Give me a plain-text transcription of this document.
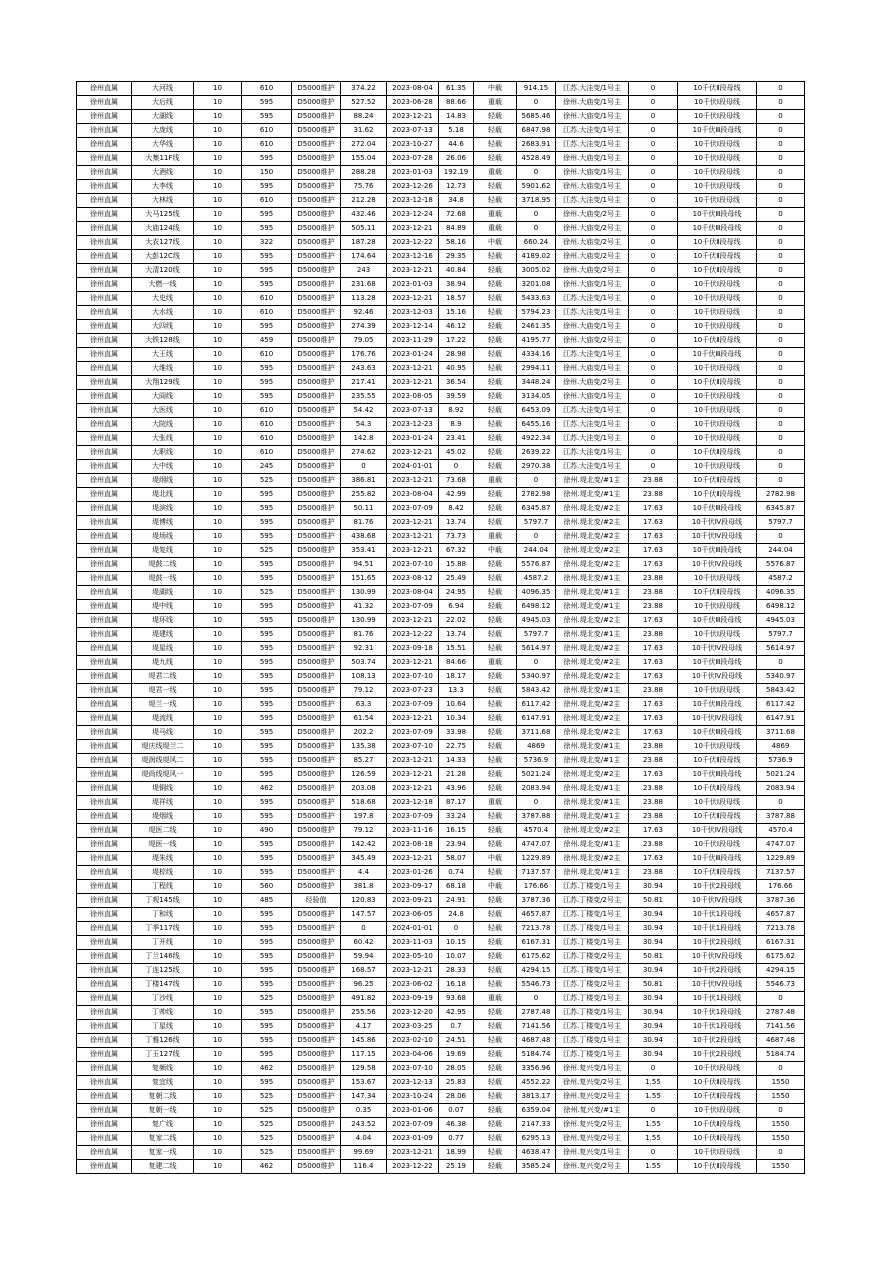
徐州直属	大河线	10	610	D5000维护	374.22	2023-08-04	61.35	中载	914.15	江苏.大洼变/1号主	0	10千伏Ⅱ段母线	0
徐州直属	大后线	10	595	D5000维护	527.52	2023-06-28	88.66	重载	0	徐州.大庙变/1号主	0	10千伏Ⅰ段母线	0
徐州直属	大湖线	10	595	D5000维护	88.24	2023-12-21	14.83	轻载	5685.46	徐州.大庙变/1号主	0	10千伏Ⅰ段母线	0
徐州直属	大庞线	10	610	D5000维护	31.62	2023-07-13	5.18	轻载	6847.98	江苏.大洼变/1号主	0	10千伏Ⅲ段母线	0
徐州直属	大华线	10	610	D5000维护	272.04	2023-10-27	44.6	轻载	2683.91	江苏.大洼变/1号主	0	10千伏Ⅰ段母线	0
徐州直属	大集11F线	10	595	D5000维护	155.04	2023-07-28	26.06	轻载	4528.49	徐州.大庙变/1号主	0	10千伏Ⅰ段母线	0
徐州直属	大酒线	10	150	D5000维护	288.28	2023-01-03	192.19	重载	0	徐州.大庙变/1号主	0	10千伏Ⅰ段母线	0
徐州直属	大李线	10	595	D5000维护	75.76	2023-12-26	12.73	轻载	5901.62	徐州.大庙变/1号主	0	10千伏Ⅰ段母线	0
徐州直属	大林线	10	610	D5000维护	212.28	2023-12-18	34.8	轻载	3718.95	江苏.大洼变/1号主	0	10千伏Ⅰ段母线	0
徐州直属	大马125线	10	595	D5000维护	432.46	2023-12-24	72.68	重载	0	徐州.大庙变/2号主	0	10千伏Ⅲ段母线	0
徐州直属	大庙124线	10	595	D5000维护	505.11	2023-12-21	84.89	重载	0	徐州.大庙变/2号主	0	10千伏Ⅲ段母线	0
徐州直属	大农127线	10	322	D5000维护	187.28	2023-12-22	58.16	中载	660.24	徐州.大庙变/2号主	0	10千伏Ⅱ段母线	0
徐州直属	大彭12C线	10	595	D5000维护	174.64	2023-12-16	29.35	轻载	4189.02	徐州.大庙变/2号主	0	10千伏Ⅱ段母线	0
徐州直属	大清120线	10	595	D5000维护	243	2023-12-21	40.84	轻载	3005.02	徐州.大庙变/2号主	0	10千伏Ⅱ段母线	0
徐州直属	大燃一线	10	595	D5000维护	231.68	2023-01-03	38.94	轻载	3201.08	徐州.大庙变/1号主	0	10千伏Ⅰ段母线	0
徐州直属	大史线	10	610	D5000维护	113.28	2023-12-21	18.57	轻载	5433.63	江苏.大洼变/1号主	0	10千伏Ⅰ段母线	0
徐州直属	大水线	10	610	D5000维护	92.46	2023-12-03	15.16	轻载	5794.23	江苏.大洼变/1号主	0	10千伏Ⅰ段母线	0
徐州直属	大四线	10	595	D5000维护	274.39	2023-12-14	46.12	轻载	2461.35	徐州.大庙变/1号主	0	10千伏Ⅰ段母线	0
徐州直属	大铁128线	10	459	D5000维护	79.05	2023-11-29	17.22	轻载	4195.77	徐州.大庙变/2号主	0	10千伏Ⅱ段母线	0
徐州直属	大王线	10	610	D5000维护	176.76	2023-01-24	28.98	轻载	4334.16	江苏.大洼变/1号主	0	10千伏Ⅲ段母线	0
徐州直属	大维线	10	595	D5000维护	243.63	2023-12-21	40.95	轻载	2994.11	徐州.大庙变/1号主	0	10千伏Ⅰ段母线	0
徐州直属	大翔129线	10	595	D5000维护	217.41	2023-12-21	36.54	轻载	3448.24	徐州.大庙变/2号主	0	10千伏Ⅱ段母线	0
徐州直属	大阎线	10	595	D5000维护	235.55	2023-08-05	39.59	轻载	3134.05	徐州.大庙变/1号主	0	10千伏Ⅰ段母线	0
徐州直属	大医线	10	610	D5000维护	54.42	2023-07-13	8.92	轻载	6453.09	江苏.大洼变/1号主	0	10千伏Ⅰ段母线	0
徐州直属	大院线	10	610	D5000维护	54.3	2023-12-23	8.9	轻载	6455.16	江苏.大洼变/1号主	0	10千伏Ⅰ段母线	0
徐州直属	大张线	10	610	D5000维护	142.8	2023-01-24	23.41	轻载	4922.34	江苏.大洼变/1号主	0	10千伏Ⅰ段母线	0
徐州直属	大职线	10	610	D5000维护	274.62	2023-12-21	45.02	轻载	2639.22	江苏.大洼变/1号主	0	10千伏Ⅱ段母线	0
徐州直属	大中线	10	245	D5000维护	0	2024-01-01	0	轻载	2970.38	江苏.大洼变/1号主	0	10千伏Ⅰ段母线	0
徐州直属	堤纲线	10	525	D5000维护	386.81	2023-12-21	73.68	重载	0	徐州.堤北变/#1主	23.88	10千伏Ⅱ段母线	0
徐州直属	堤北线	10	595	D5000维护	255.82	2023-08-04	42.99	轻载	2782.98	徐州.堤北变/#1主	23.88	10千伏Ⅱ段母线	2782.98
徐州直属	堤滨线	10	595	D5000维护	50.11	2023-07-09	8.42	轻载	6345.87	徐州.堤北变/#2主	17.63	10千伏Ⅲ段母线	6345.87
徐州直属	堤博线	10	595	D5000维护	81.76	2023-12-21	13.74	轻载	5797.7	徐州.堤北变/#2主	17.63	10千伏Ⅳ段母线	5797.7
徐州直属	堤场线	10	595	D5000维护	438.68	2023-12-21	73.73	重载	0	徐州.堤北变/#2主	17.63	10千伏Ⅳ段母线	0
徐州直属	堤复线	10	525	D5000维护	353.41	2023-12-21	67.32	中载	244.04	徐州.堤北变/#2主	17.63	10千伏Ⅲ段母线	244.04
徐州直属	堤鼓二线	10	595	D5000维护	94.51	2023-07-10	15.88	轻载	5576.87	徐州.堤北变/#2主	17.63	10千伏Ⅳ段母线	5576.87
徐州直属	堤鼓一线	10	595	D5000维护	151.65	2023-08-12	25.49	轻载	4587.2	徐州.堤北变/#1主	23.88	10千伏Ⅰ段母线	4587.2
徐州直属	堤湖线	10	525	D5000维护	130.99	2023-08-04	24.95	轻载	4096.35	徐州.堤北变/#1主	23.88	10千伏Ⅱ段母线	4096.35
徐州直属	堤中线	10	595	D5000维护	41.32	2023-07-09	6.94	轻载	6498.12	徐州.堤北变/#1主	23.88	10千伏Ⅰ段母线	6498.12
徐州直属	堤环线	10	595	D5000维护	130.99	2023-12-21	22.02	轻载	4945.03	徐州.堤北变/#2主	17.63	10千伏Ⅲ段母线	4945.03
徐州直属	堤建线	10	595	D5000维护	81.76	2023-12-22	13.74	轻载	5797.7	徐州.堤北变/#1主	23.88	10千伏Ⅰ段母线	5797.7
徐州直属	堤星线	10	595	D5000维护	92.31	2023-09-18	15.51	轻载	5614.97	徐州.堤北变/#2主	17.63	10千伏Ⅳ段母线	5614.97
徐州直属	堤九线	10	595	D5000维护	503.74	2023-12-21	84.66	重载	0	徐州.堤北变/#2主	17.63	10千伏Ⅲ段母线	0
徐州直属	堤君二线	10	595	D5000维护	108.13	2023-07-10	18.17	轻载	5340.97	徐州.堤北变/#2主	17.63	10千伏Ⅳ段母线	5340.97
徐州直属	堤君一线	10	595	D5000维护	79.12	2023-07-23	13.3	轻载	5843.42	徐州.堤北变/#1主	23.88	10千伏Ⅰ段母线	5843.42
徐州直属	堤兰一线	10	595	D5000维护	63.3	2023-07-09	10.64	轻载	6117.42	徐州.堤北变/#2主	17.63	10千伏Ⅲ段母线	6117.42
徐州直属	堤流线	10	595	D5000维护	61.54	2023-12-21	10.34	轻载	6147.91	徐州.堤北变/#2主	17.63	10千伏Ⅳ段母线	6147.91
徐州直属	堤马线	10	595	D5000维护	202.2	2023-07-09	33.98	轻载	3711.68	徐州.堤北变/#2主	17.63	10千伏Ⅲ段母线	3711.68
徐州直属	堤庆线堤兰二	10	595	D5000维护	135.38	2023-07-10	22.75	轻载	4869	徐州.堤北变/#1主	23.88	10千伏Ⅰ段母线	4869
徐州直属	堤润线堤风二	10	595	D5000维护	85.27	2023-12-21	14.33	轻载	5736.9	徐州.堤北变/#1主	23.88	10千伏Ⅱ段母线	5736.9
徐州直属	堤尚线堤风一	10	595	D5000维护	126.59	2023-12-21	21.28	轻载	5021.24	徐州.堤北变/#2主	17.63	10千伏Ⅲ段母线	5021.24
徐州直属	堤铜线	10	462	D5000维护	203.08	2023-12-21	43.96	轻载	2083.94	徐州.堤北变/#1主	23.88	10千伏Ⅱ段母线	2083.94
徐州直属	堤祥线	10	595	D5000维护	518.68	2023-12-18	87.17	重载	0	徐州.堤北变/#1主	23.88	10千伏Ⅰ段母线	0
徐州直属	堤烟线	10	595	D5000维护	197.8	2023-07-09	33.24	轻载	3787.88	徐州.堤北变/#1主	23.88	10千伏Ⅱ段母线	3787.88
徐州直属	堤医二线	10	490	D5000维护	79.12	2023-11-16	16.15	轻载	4570.4	徐州.堤北变/#2主	17.63	10千伏Ⅳ段母线	4570.4
徐州直属	堤医一线	10	595	D5000维护	142.42	2023-08-18	23.94	轻载	4747.07	徐州.堤北变/#1主	23.88	10千伏Ⅰ段母线	4747.07
徐州直属	堤朱线	10	595	D5000维护	345.49	2023-12-21	58.07	中载	1229.89	徐州.堤北变/#2主	17.63	10千伏Ⅲ段母线	1229.89
徐州直属	堤棕线	10	595	D5000维护	4.4	2023-01-26	0.74	轻载	7137.57	徐州.堤北变/#1主	23.88	10千伏Ⅱ段母线	7137.57
徐州直属	丁程线	10	560	D5000维护	381.8	2023-09-17	68.18	中载	176.66	江苏.丁楼变/1号主	30.94	10千伏2段母线	176.66
徐州直属	丁观145线	10	485	经验值	120.83	2023-09-21	24.91	轻载	3787.36	江苏.丁楼变/2号主	50.81	10千伏Ⅳ段母线	3787.36
徐州直属	丁和线	10	595	D5000维护	147.57	2023-06-05	24.8	轻载	4657.87	江苏.丁楼变/1号主	30.94	10千伏1段母线	4657.87
徐州直属	丁季117线	10	595	D5000维护	0	2024-01-01	0	轻载	7213.78	江苏.丁楼变/1号主	30.94	10千伏1段母线	7213.78
徐州直属	丁开线	10	595	D5000维护	60.42	2023-11-03	10.15	轻载	6167.31	江苏.丁楼变/1号主	30.94	10千伏2段母线	6167.31
徐州直属	丁兰146线	10	595	D5000维护	59.94	2023-05-10	10.07	轻载	6175.62	江苏.丁楼变/2号主	50.81	10千伏Ⅳ段母线	6175.62
徐州直属	丁连125线	10	595	D5000维护	168.57	2023-12-21	28.33	轻载	4294.15	江苏.丁楼变/1号主	30.94	10千伏2段母线	4294.15
徐州直属	丁楼147线	10	595	D5000维护	96.25	2023-06-02	16.18	轻载	5546.73	江苏.丁楼变/2号主	50.81	10千伏Ⅳ段母线	5546.73
徐州直属	丁沙线	10	525	D5000维护	491.82	2023-09-19	93.68	重载	0	江苏.丁楼变/1号主	30.94	10千伏1段母线	0
徐州直属	丁帅线	10	595	D5000维护	255.56	2023-12-20	42.95	轻载	2787.48	江苏.丁楼变/1号主	30.94	10千伏1段母线	2787.48
徐州直属	丁星线	10	595	D5000维护	4.17	2023-03-25	0.7	轻载	7141.56	江苏.丁楼变/1号主	30.94	10千伏1段母线	7141.56
徐州直属	丁雅126线	10	595	D5000维护	145.86	2023-02-10	24.51	轻载	4687.48	江苏.丁楼变/1号主	30.94	10千伏2段母线	4687.48
徐州直属	丁玉127线	10	595	D5000维护	117.15	2023-04-06	19.69	轻载	5184.74	江苏.丁楼变/1号主	30.94	10千伏2段母线	5184.74
徐州直属	复频线	10	462	D5000维护	129.58	2023-07-10	28.05	轻载	3356.96	徐州.复兴变/1号主	0	10千伏Ⅰ段母线	0
徐州直属	复宜线	10	595	D5000维护	153.67	2023-12-13	25.83	轻载	4552.22	徐州.复兴变/2号主	1.55	10千伏Ⅱ段母线	1550
徐州直属	复朝二线	10	525	D5000维护	147.34	2023-10-24	28.06	轻载	3813.17	徐州.复兴变/2号主	1.55	10千伏Ⅱ段母线	1550
徐州直属	复朝一线	10	525	D5000维护	0.35	2023-01-06	0.07	轻载	6359.04	徐州.复兴变/#1主	0	10千伏Ⅰ段母线	0
徐州直属	复广线	10	525	D5000维护	243.52	2023-07-09	46.38	轻载	2147.33	徐州.复兴变/2号主	1.55	10千伏Ⅱ段母线	1550
徐州直属	复家二线	10	525	D5000维护	4.04	2023-01-09	0.77	轻载	6295.13	徐州.复兴变/2号主	1.55	10千伏Ⅱ段母线	1550
徐州直属	复家一线	10	525	D5000维护	99.69	2023-12-21	18.99	轻载	4638.47	徐州.复兴变/1号主	0	10千伏Ⅰ段母线	0
徐州直属	复建二线	10	462	D5000维护	116.4	2023-12-22	25.19	轻载	3585.24	徐州.复兴变/2号主	1.55	10千伏Ⅱ段母线	1550
